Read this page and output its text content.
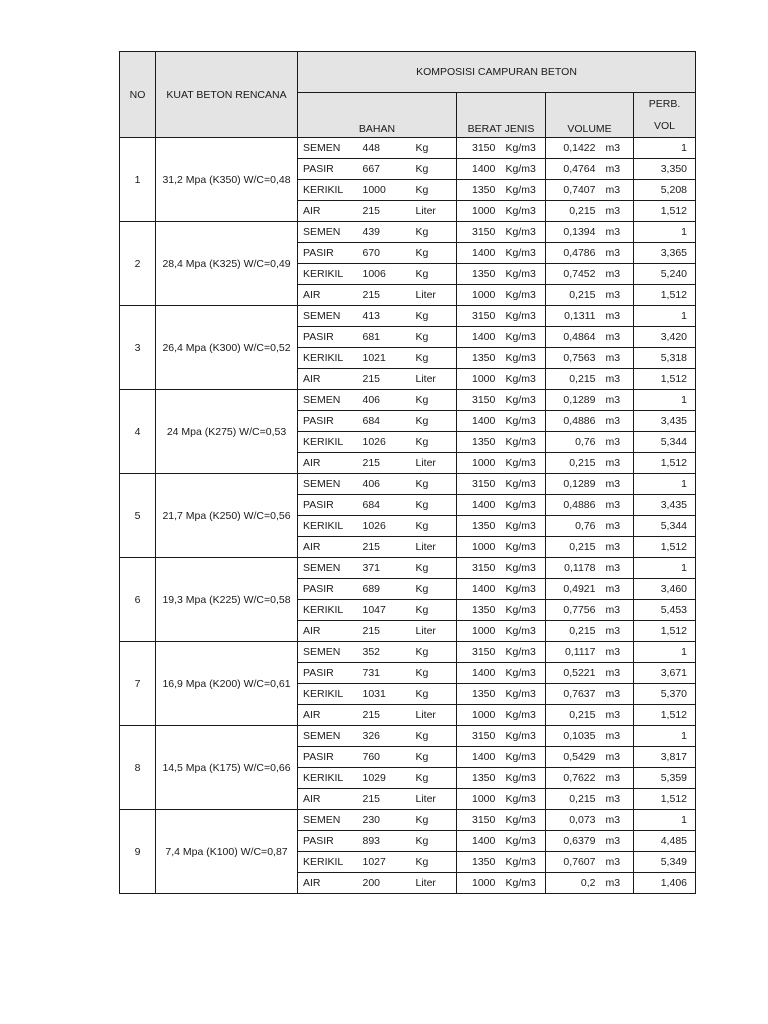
NO	KUAT BETON RENCANA	KOMPOSISI CAMPURAN BETON							
		BAHAN			BERAT JENIS		VOLUME		PERB.
VOL

1	31,2 Mpa (K350) W/C=0,48	SEMEN	448	Kg	3150	Kg/m3	0,1422	m3	1
		PASIR	667	Kg	1400	Kg/m3	0,4764	m3	3,350
		KERIKIL	1000	Kg	1350	Kg/m3	0,7407	m3	5,208
		AIR	215	Liter	1000	Kg/m3	0,215	m3	1,512
2	28,4 Mpa (K325) W/C=0,49	SEMEN	439	Kg	3150	Kg/m3	0,1394	m3	1
		PASIR	670	Kg	1400	Kg/m3	0,4786	m3	3,365
		KERIKIL	1006	Kg	1350	Kg/m3	0,7452	m3	5,240
		AIR	215	Liter	1000	Kg/m3	0,215	m3	1,512
3	26,4 Mpa (K300) W/C=0,52	SEMEN	413	Kg	3150	Kg/m3	0,1311	m3	1
		PASIR	681	Kg	1400	Kg/m3	0,4864	m3	3,420
		KERIKIL	1021	Kg	1350	Kg/m3	0,7563	m3	5,318
		AIR	215	Liter	1000	Kg/m3	0,215	m3	1,512
4	24 Mpa (K275) W/C=0,53	SEMEN	406	Kg	3150	Kg/m3	0,1289	m3	1
		PASIR	684	Kg	1400	Kg/m3	0,4886	m3	3,435
		KERIKIL	1026	Kg	1350	Kg/m3	0,76	m3	5,344
		AIR	215	Liter	1000	Kg/m3	0,215	m3	1,512
5	21,7 Mpa (K250) W/C=0,56	SEMEN	406	Kg	3150	Kg/m3	0,1289	m3	1
		PASIR	684	Kg	1400	Kg/m3	0,4886	m3	3,435
		KERIKIL	1026	Kg	1350	Kg/m3	0,76	m3	5,344
		AIR	215	Liter	1000	Kg/m3	0,215	m3	1,512
6	19,3 Mpa (K225) W/C=0,58	SEMEN	371	Kg	3150	Kg/m3	0,1178	m3	1
		PASIR	689	Kg	1400	Kg/m3	0,4921	m3	3,460
		KERIKIL	1047	Kg	1350	Kg/m3	0,7756	m3	5,453
		AIR	215	Liter	1000	Kg/m3	0,215	m3	1,512
7	16,9 Mpa (K200) W/C=0,61	SEMEN	352	Kg	3150	Kg/m3	0,1117	m3	1
		PASIR	731	Kg	1400	Kg/m3	0,5221	m3	3,671
		KERIKIL	1031	Kg	1350	Kg/m3	0,7637	m3	5,370
		AIR	215	Liter	1000	Kg/m3	0,215	m3	1,512
8	14,5 Mpa (K175) W/C=0,66	SEMEN	326	Kg	3150	Kg/m3	0,1035	m3	1
		PASIR	760	Kg	1400	Kg/m3	0,5429	m3	3,817
		KERIKIL	1029	Kg	1350	Kg/m3	0,7622	m3	5,359
		AIR	215	Liter	1000	Kg/m3	0,215	m3	1,512
9	7,4 Mpa (K100) W/C=0,87	SEMEN	230	Kg	3150	Kg/m3	0,073	m3	1
		PASIR	893	Kg	1400	Kg/m3	0,6379	m3	4,485
		KERIKIL	1027	Kg	1350	Kg/m3	0,7607	m3	5,349
		AIR	200	Liter	1000	Kg/m3	0,2	m3	1,406
